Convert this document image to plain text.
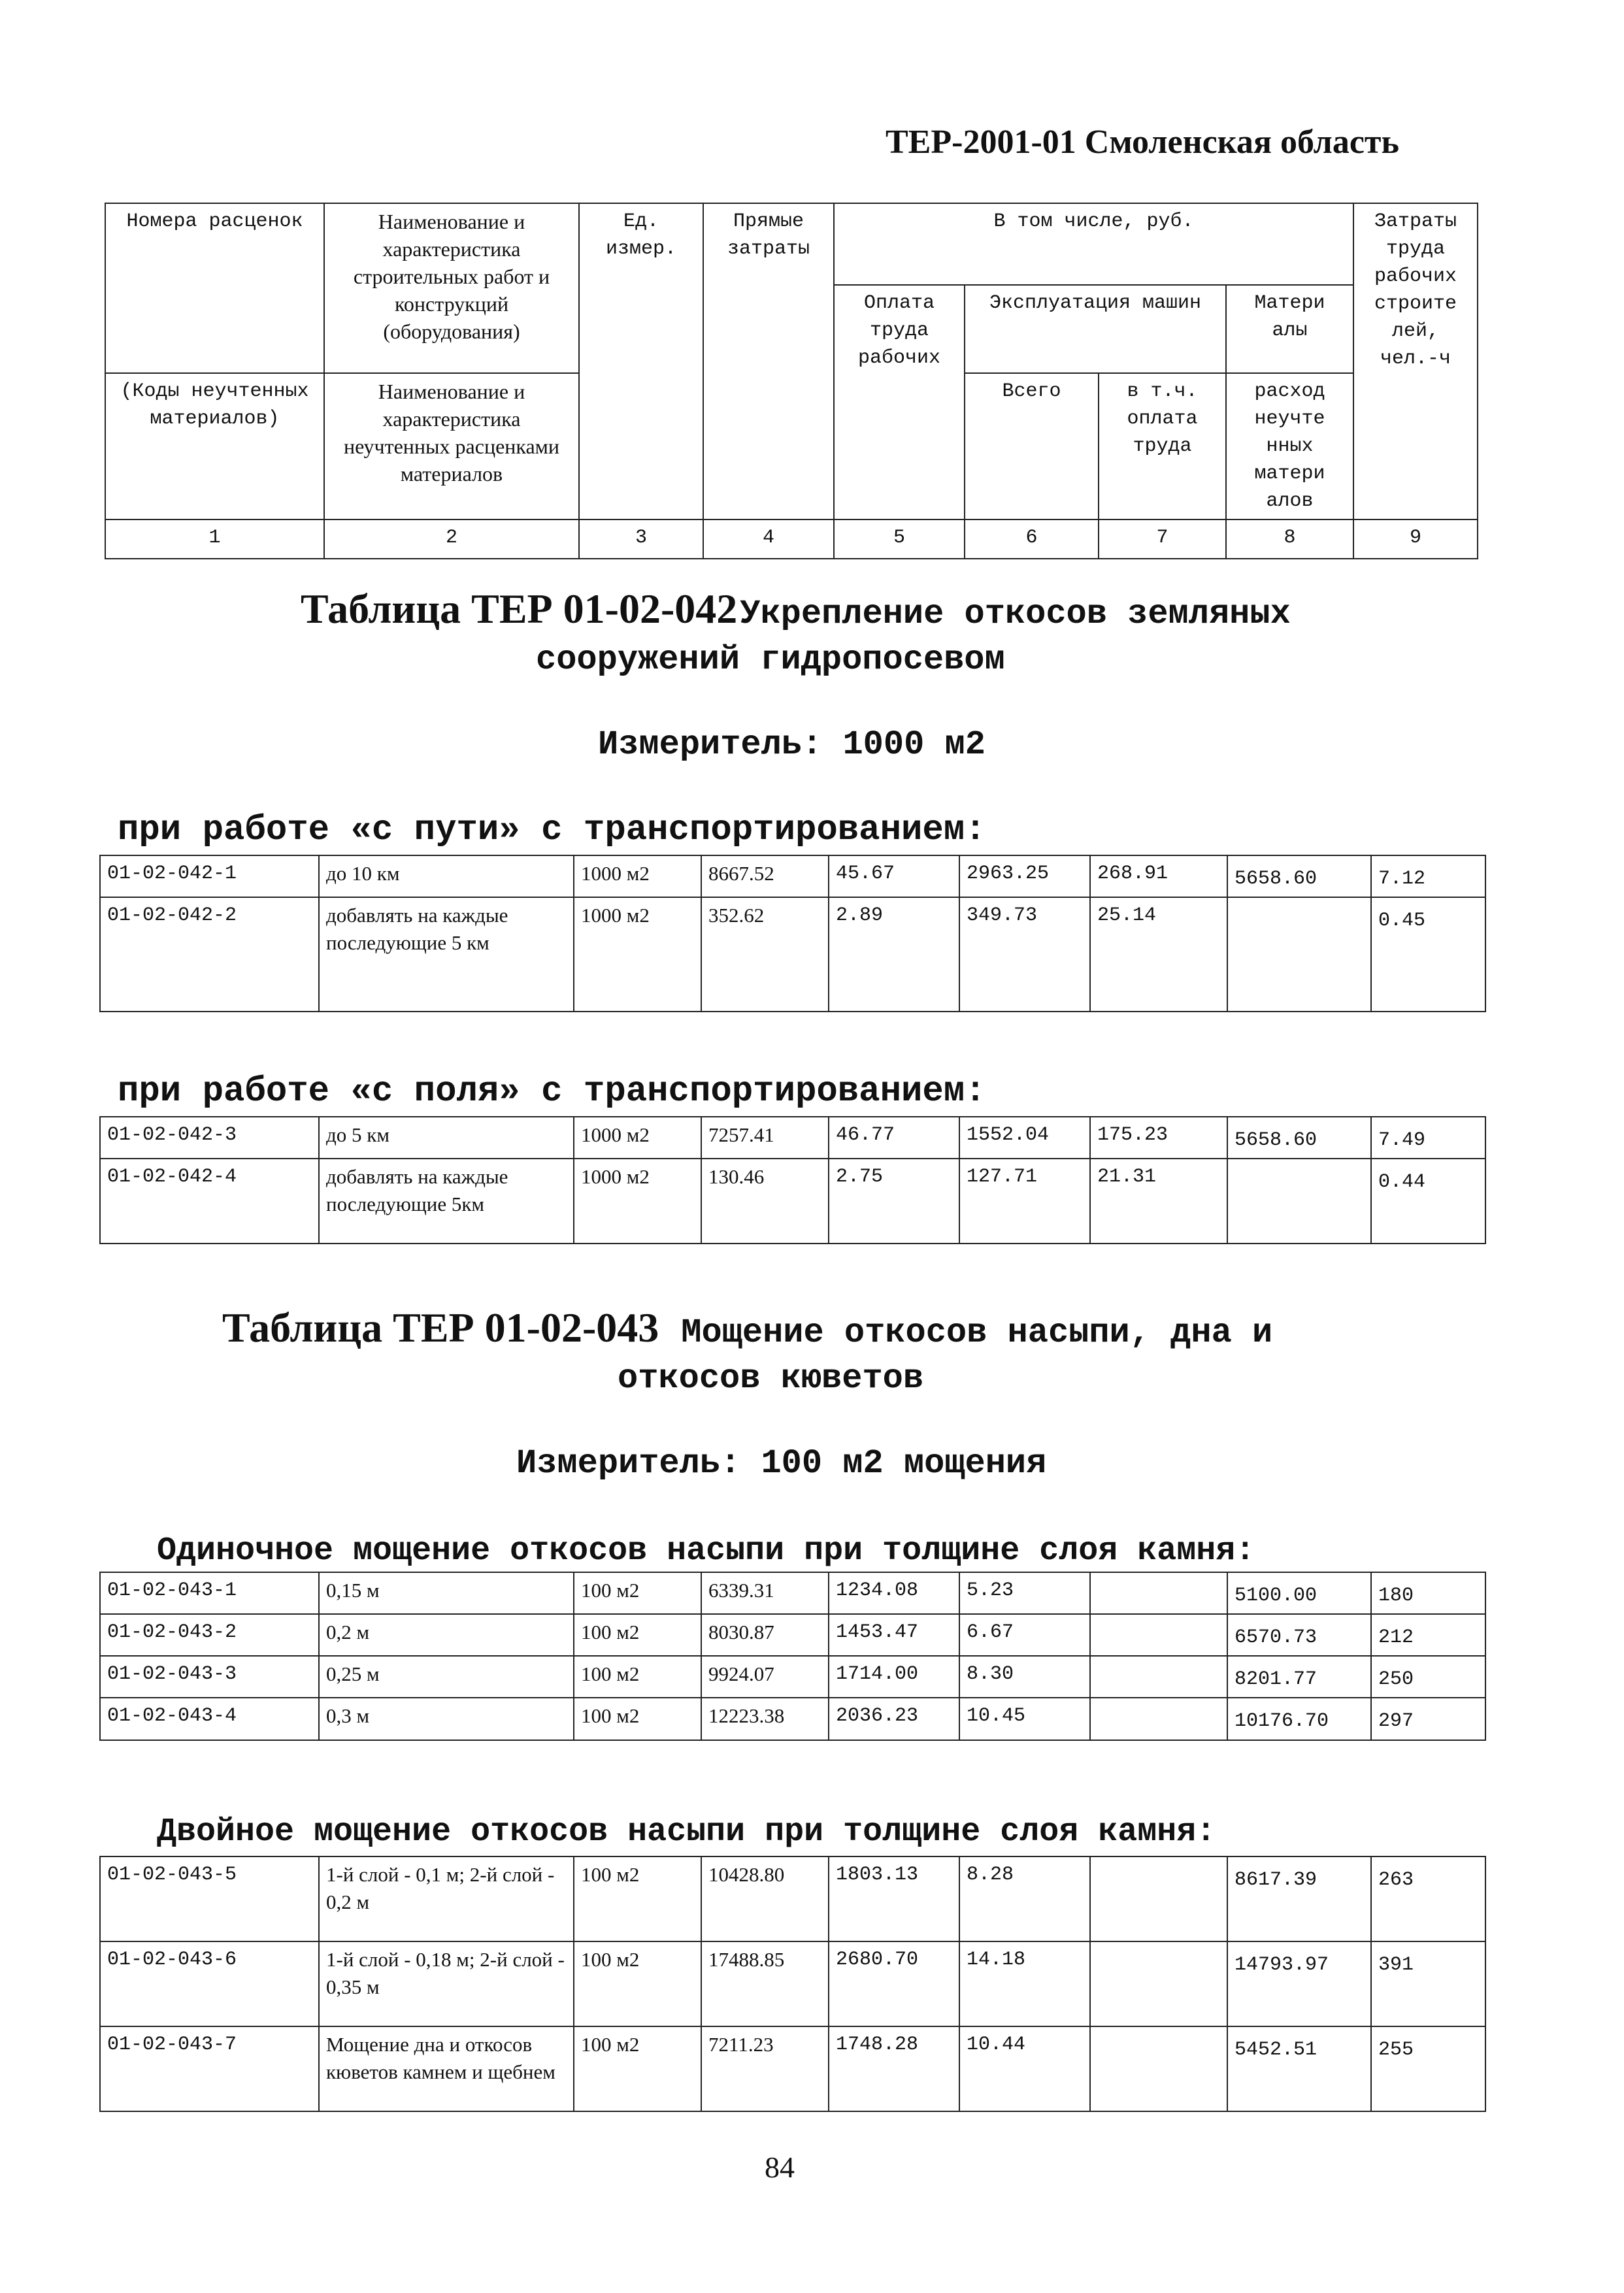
ТЕР-2001-01 Смоленская область
Номера расценок	Наименование и характеристика строительных работ и конструкций (оборудования)	Ед. измер.	Прямые затраты	В том числе, руб.				Затраты труда рабочих строите лей, чел.-ч
				Оплата труда рабочих	Эксплуатация машин		Матери алы	
(Коды неучтенных материалов)	Наименование и характеристика неучтенных расценками материалов				Всего	в т.ч. оплата труда	расход неучте нных матери алов	

1	2	3	4	5	6	7	8	9
Таблица ТЕР 01-02-042 Укрепление откосов земляных
сооружений гидропосевом
Измеритель: 1000 м2
при работе «с пути» с транспортированием:
01-02-042-1	до 10 км	1000 м2	8667.52	45.67	2963.25	268.91	5658.60	7.12
01-02-042-2	добавлять на каждые последующие 5 км	1000 м2	352.62	2.89	349.73	25.14		0.45
при работе «с поля» с транспортированием:
01-02-042-3	до 5 км	1000 м2	7257.41	46.77	1552.04	175.23	5658.60	7.49
01-02-042-4	добавлять на каждые последующие 5км	1000 м2	130.46	2.75	127.71	21.31		0.44
Таблица ТЕР 01-02-043 Мощение откосов насыпи, дна и
откосов кюветов
Измеритель: 100 м2 мощения
Одиночное мощение откосов насыпи при толщине слоя камня:
01-02-043-1	0,15 м	100 м2	6339.31	1234.08	5.23		5100.00	180
01-02-043-2	0,2 м	100 м2	8030.87	1453.47	6.67		6570.73	212
01-02-043-3	0,25 м	100 м2	9924.07	1714.00	8.30		8201.77	250
01-02-043-4	0,3 м	100 м2	12223.38	2036.23	10.45		10176.70	297
Двойное мощение откосов насыпи при толщине слоя камня:
01-02-043-5	1-й слой - 0,1 м; 2-й слой - 0,2 м	100 м2	10428.80	1803.13	8.28		8617.39	263
01-02-043-6	1-й слой - 0,18 м; 2-й слой - 0,35 м	100 м2	17488.85	2680.70	14.18		14793.97	391
01-02-043-7	Мощение дна и откосов кюветов камнем и щебнем	100 м2	7211.23	1748.28	10.44		5452.51	255
84
